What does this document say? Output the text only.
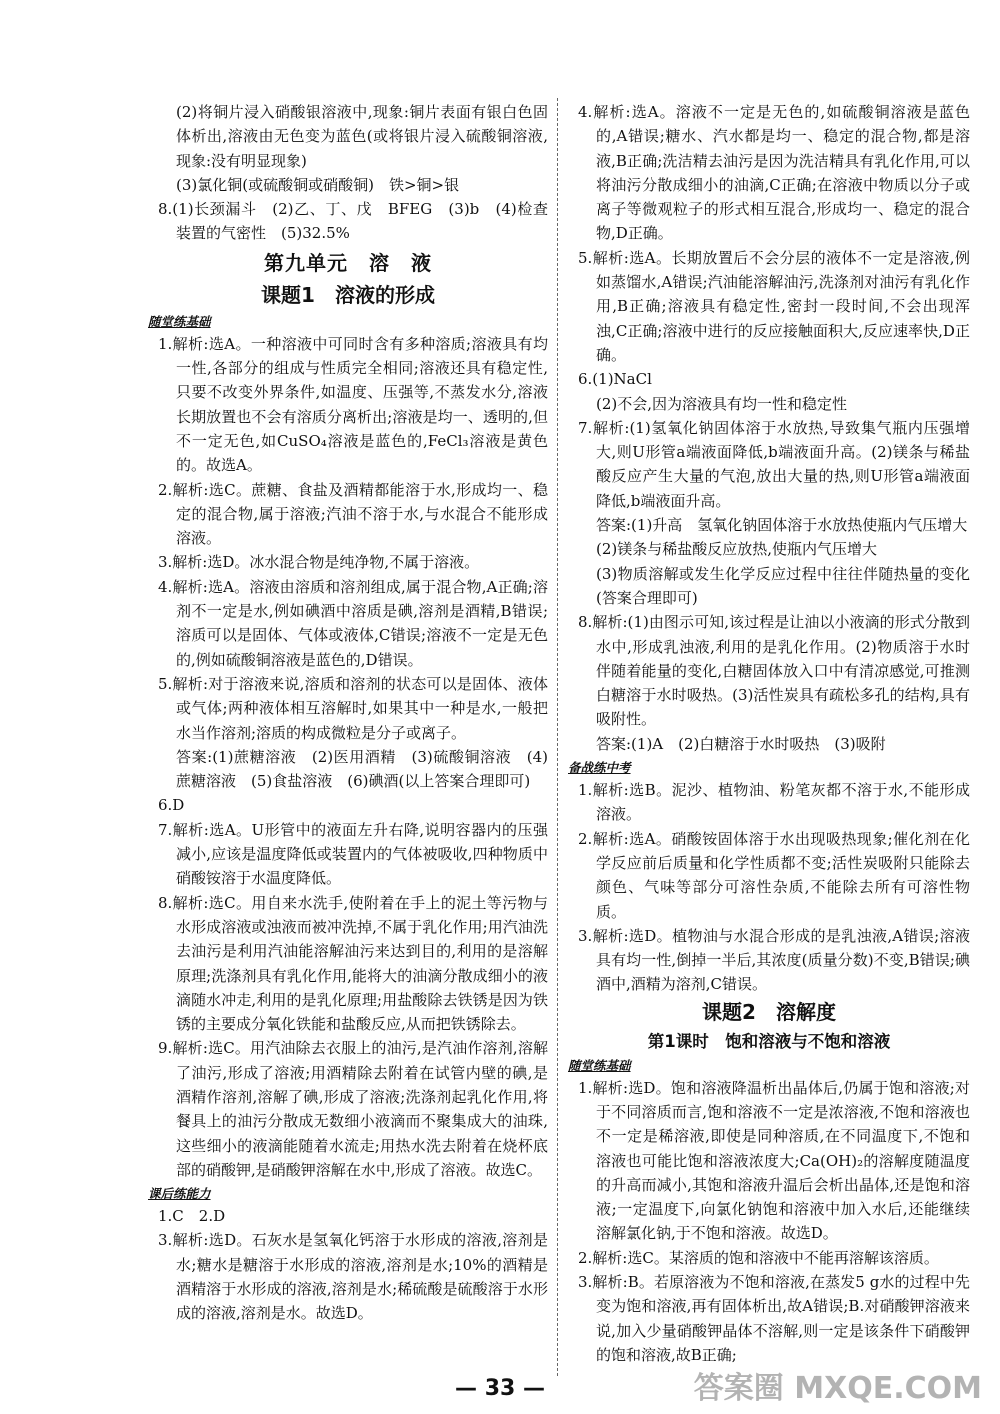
(2)将铜片浸入硝酸银溶液中,现象:铜片表面有银白色固体析出,溶液由无色变为蓝色(或将银片浸入硫酸铜溶液,现象:没有明显现象)

(3)氯化铜(或硫酸铜或硝酸铜)　铁>铜>银

8.(1)长颈漏斗　(2)乙、丁、戊　BFEG　(3)b　(4)检查装置的气密性　(5)32.5%

第九单元　溶　液
课题1　溶液的形成
随堂练基础

1.解析:选A。一种溶液中可同时含有多种溶质;溶液具有均一性,各部分的组成与性质完全相同;溶液还具有稳定性,只要不改变外界条件,如温度、压强等,不蒸发水分,溶液长期放置也不会有溶质分离析出;溶液是均一、透明的,但不一定无色,如CuSO₄溶液是蓝色的,FeCl₃溶液是黄色的。故选A。

2.解析:选C。蔗糖、食盐及酒精都能溶于水,形成均一、稳定的混合物,属于溶液;汽油不溶于水,与水混合不能形成溶液。

3.解析:选D。冰水混合物是纯净物,不属于溶液。

4.解析:选A。溶液由溶质和溶剂组成,属于混合物,A正确;溶剂不一定是水,例如碘酒中溶质是碘,溶剂是酒精,B错误;溶质可以是固体、气体或液体,C错误;溶液不一定是无色的,例如硫酸铜溶液是蓝色的,D错误。

5.解析:对于溶液来说,溶质和溶剂的状态可以是固体、液体或气体;两种液体相互溶解时,如果其中一种是水,一般把水当作溶剂;溶质的构成微粒是分子或离子。

答案:(1)蔗糖溶液　(2)医用酒精　(3)硫酸铜溶液　(4)蔗糖溶液　(5)食盐溶液　(6)碘酒(以上答案合理即可)

6.D

7.解析:选A。U形管中的液面左升右降,说明容器内的压强减小,应该是温度降低或装置内的气体被吸收,四种物质中硝酸铵溶于水温度降低。

8.解析:选C。用自来水洗手,使附着在手上的泥土等污物与水形成溶液或浊液而被冲洗掉,不属于乳化作用;用汽油洗去油污是利用汽油能溶解油污来达到目的,利用的是溶解原理;洗涤剂具有乳化作用,能将大的油滴分散成细小的液滴随水冲走,利用的是乳化原理;用盐酸除去铁锈是因为铁锈的主要成分氧化铁能和盐酸反应,从而把铁锈除去。

9.解析:选C。用汽油除去衣服上的油污,是汽油作溶剂,溶解了油污,形成了溶液;用酒精除去附着在试管内壁的碘,是酒精作溶剂,溶解了碘,形成了溶液;洗涤剂起乳化作用,将餐具上的油污分散成无数细小液滴而不聚集成大的油珠,这些细小的液滴能随着水流走;用热水洗去附着在烧杯底部的硝酸钾,是硝酸钾溶解在水中,形成了溶液。故选C。

课后练能力

1.C　2.D

3.解析:选D。石灰水是氢氧化钙溶于水形成的溶液,溶剂是水;糖水是糖溶于水形成的溶液,溶剂是水;10%的酒精是酒精溶于水形成的溶液,溶剂是水;稀硫酸是硫酸溶于水形成的溶液,溶剂是水。故选D。

4.解析:选A。溶液不一定是无色的,如硫酸铜溶液是蓝色的,A错误;糖水、汽水都是均一、稳定的混合物,都是溶液,B正确;洗洁精去油污是因为洗洁精具有乳化作用,可以将油污分散成细小的油滴,C正确;在溶液中物质以分子或离子等微观粒子的形式相互混合,形成均一、稳定的混合物,D正确。

5.解析:选A。长期放置后不会分层的液体不一定是溶液,例如蒸馏水,A错误;汽油能溶解油污,洗涤剂对油污有乳化作用,B正确;溶液具有稳定性,密封一段时间,不会出现浑浊,C正确;溶液中进行的反应接触面积大,反应速率快,D正确。

6.(1)NaCl

(2)不会,因为溶液具有均一性和稳定性

7.解析:(1)氢氧化钠固体溶于水放热,导致集气瓶内压强增大,则U形管a端液面降低,b端液面升高。(2)镁条与稀盐酸反应产生大量的气泡,放出大量的热,则U形管a端液面降低,b端液面升高。

答案:(1)升高　氢氧化钠固体溶于水放热使瓶内气压增大

(2)镁条与稀盐酸反应放热,使瓶内气压增大

(3)物质溶解或发生化学反应过程中往往伴随热量的变化(答案合理即可)

8.解析:(1)由图示可知,该过程是让油以小液滴的形式分散到水中,形成乳浊液,利用的是乳化作用。(2)物质溶于水时伴随着能量的变化,白糖固体放入口中有清凉感觉,可推测白糖溶于水时吸热。(3)活性炭具有疏松多孔的结构,具有吸附性。

答案:(1)A　(2)白糖溶于水时吸热　(3)吸附

备战练中考

1.解析:选B。泥沙、植物油、粉笔灰都不溶于水,不能形成溶液。

2.解析:选A。硝酸铵固体溶于水出现吸热现象;催化剂在化学反应前后质量和化学性质都不变;活性炭吸附只能除去颜色、气味等部分可溶性杂质,不能除去所有可溶性物质。

3.解析:选D。植物油与水混合形成的是乳浊液,A错误;溶液具有均一性,倒掉一半后,其浓度(质量分数)不变,B错误;碘酒中,酒精为溶剂,C错误。

课题2　溶解度
第1课时　饱和溶液与不饱和溶液
随堂练基础

1.解析:选D。饱和溶液降温析出晶体后,仍属于饱和溶液;对于不同溶质而言,饱和溶液不一定是浓溶液,不饱和溶液也不一定是稀溶液,即使是同种溶质,在不同温度下,不饱和溶液也可能比饱和溶液浓度大;Ca(OH)₂的溶解度随温度的升高而减小,其饱和溶液升温后会析出晶体,还是饱和溶液;一定温度下,向氯化钠饱和溶液中加入水后,还能继续溶解氯化钠,于不饱和溶液。故选D。

2.解析:选C。某溶质的饱和溶液中不能再溶解该溶质。

3.解析:B。若原溶液为不饱和溶液,在蒸发5 g水的过程中先变为饱和溶液,再有固体析出,故A错误;B.对硝酸钾溶液来说,加入少量硝酸钾晶体不溶解,则一定是该条件下硝酸钾的饱和溶液,故B正确;

— 33 —	答案圈 MXQE.COM
